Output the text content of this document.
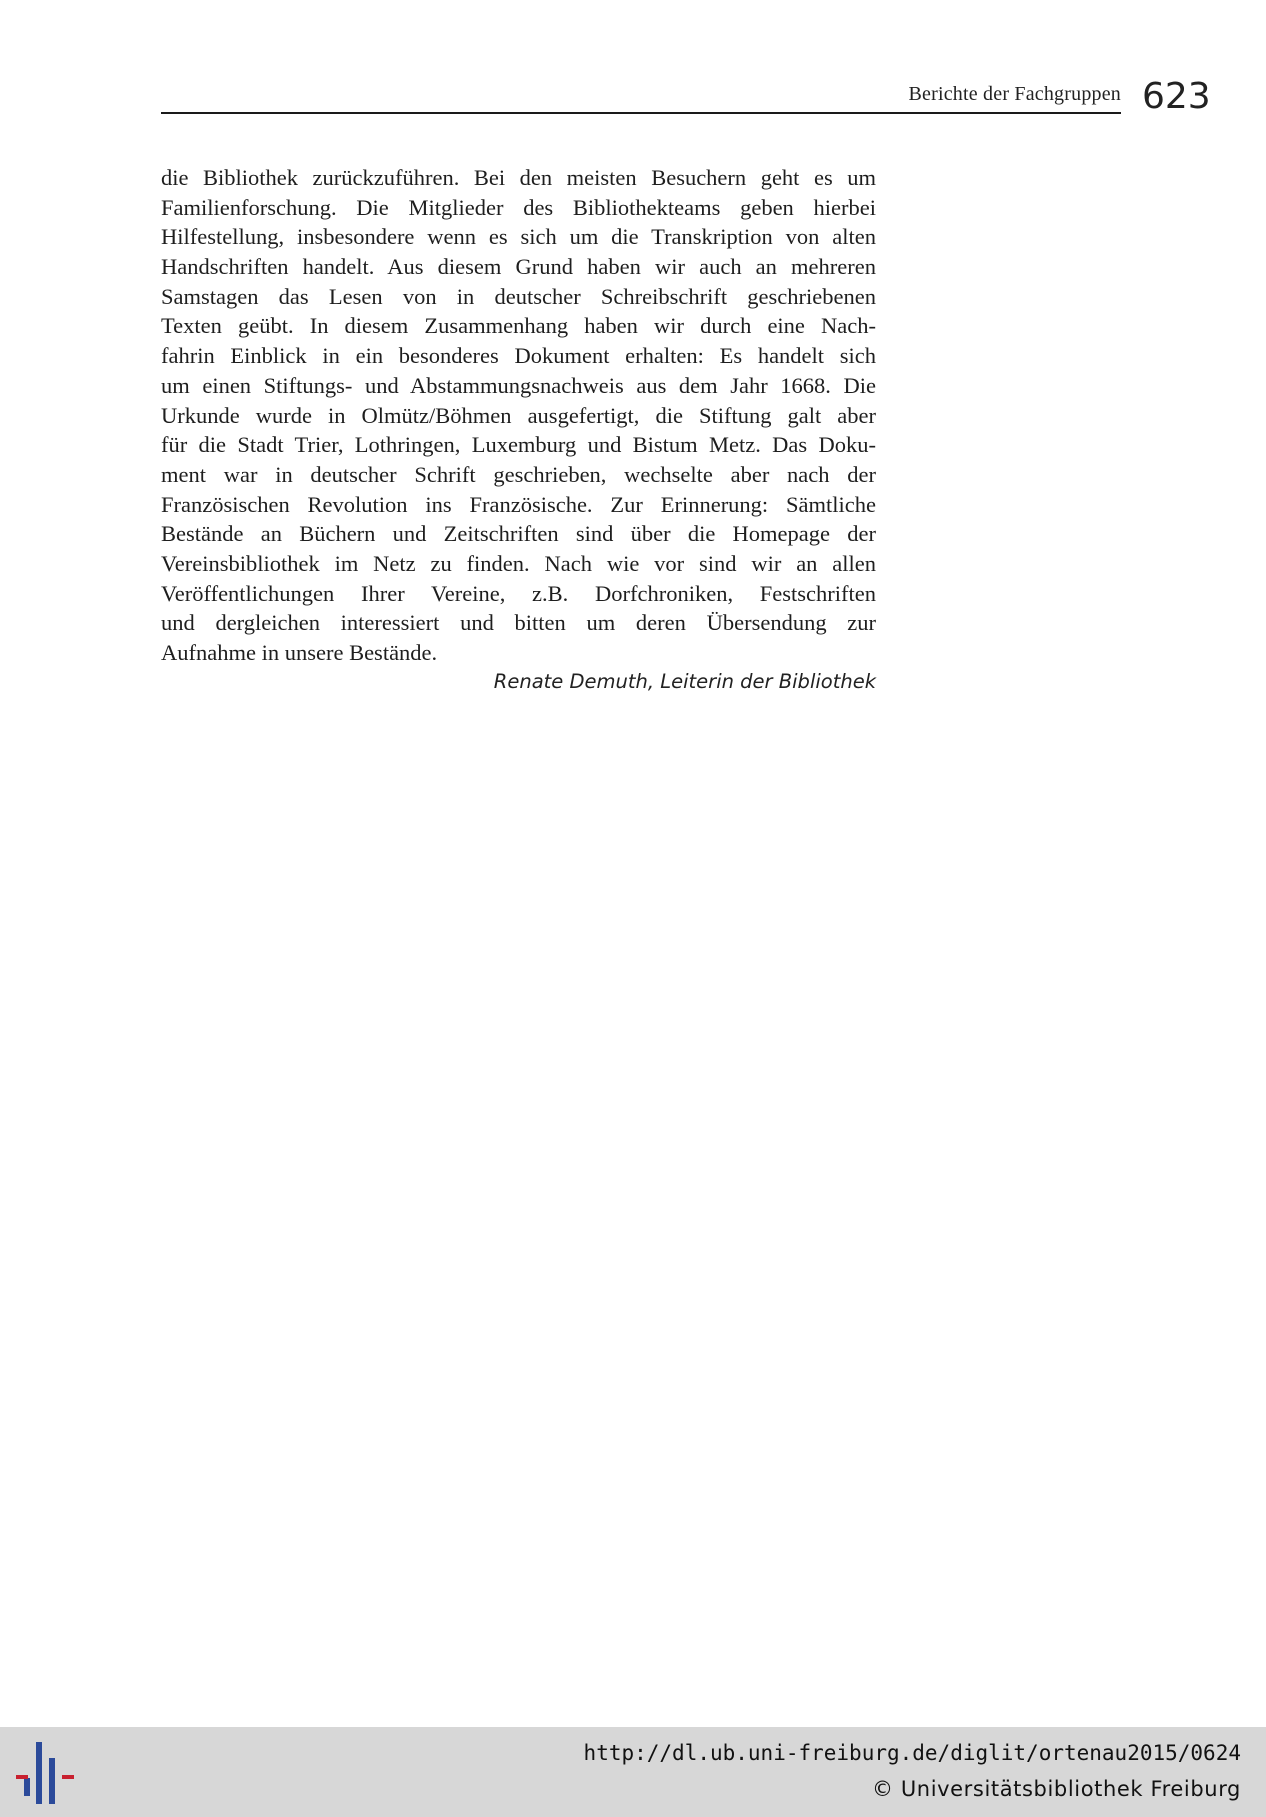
Berichte der Fachgruppen 623
die Bibliothek zurückzuführen. Bei den meisten Besuchern geht es um
Familienforschung. Die Mitglieder des Bibliothekteams geben hierbei
Hilfestellung, insbesondere wenn es sich um die Transkription von alten
Handschriften handelt. Aus diesem Grund haben wir auch an mehreren
Samstagen das Lesen von in deutscher Schreibschrift geschriebenen
Texten geübt. In diesem Zusammenhang haben wir durch eine Nach-
fahrin Einblick in ein besonderes Dokument erhalten: Es handelt sich
um einen Stiftungs- und Abstammungsnachweis aus dem Jahr 1668. Die
Urkunde wurde in Olmütz/Böhmen ausgefertigt, die Stiftung galt aber
für die Stadt Trier, Lothringen, Luxemburg und Bistum Metz. Das Doku-
ment war in deutscher Schrift geschrieben, wechselte aber nach der
Französischen Revolution ins Französische. Zur Erinnerung: Sämtliche
Bestände an Büchern und Zeitschriften sind über die Homepage der
Vereinsbibliothek im Netz zu finden. Nach wie vor sind wir an allen
Veröffentlichungen Ihrer Vereine, z.B. Dorfchroniken, Festschriften
und dergleichen interessiert und bitten um deren Übersendung zur
Aufnahme in unsere Bestände.
Renate Demuth, Leiterin der Bibliothek
http://dl.ub.uni-freiburg.de/diglit/ortenau2015/0624
© Universitätsbibliothek Freiburg
